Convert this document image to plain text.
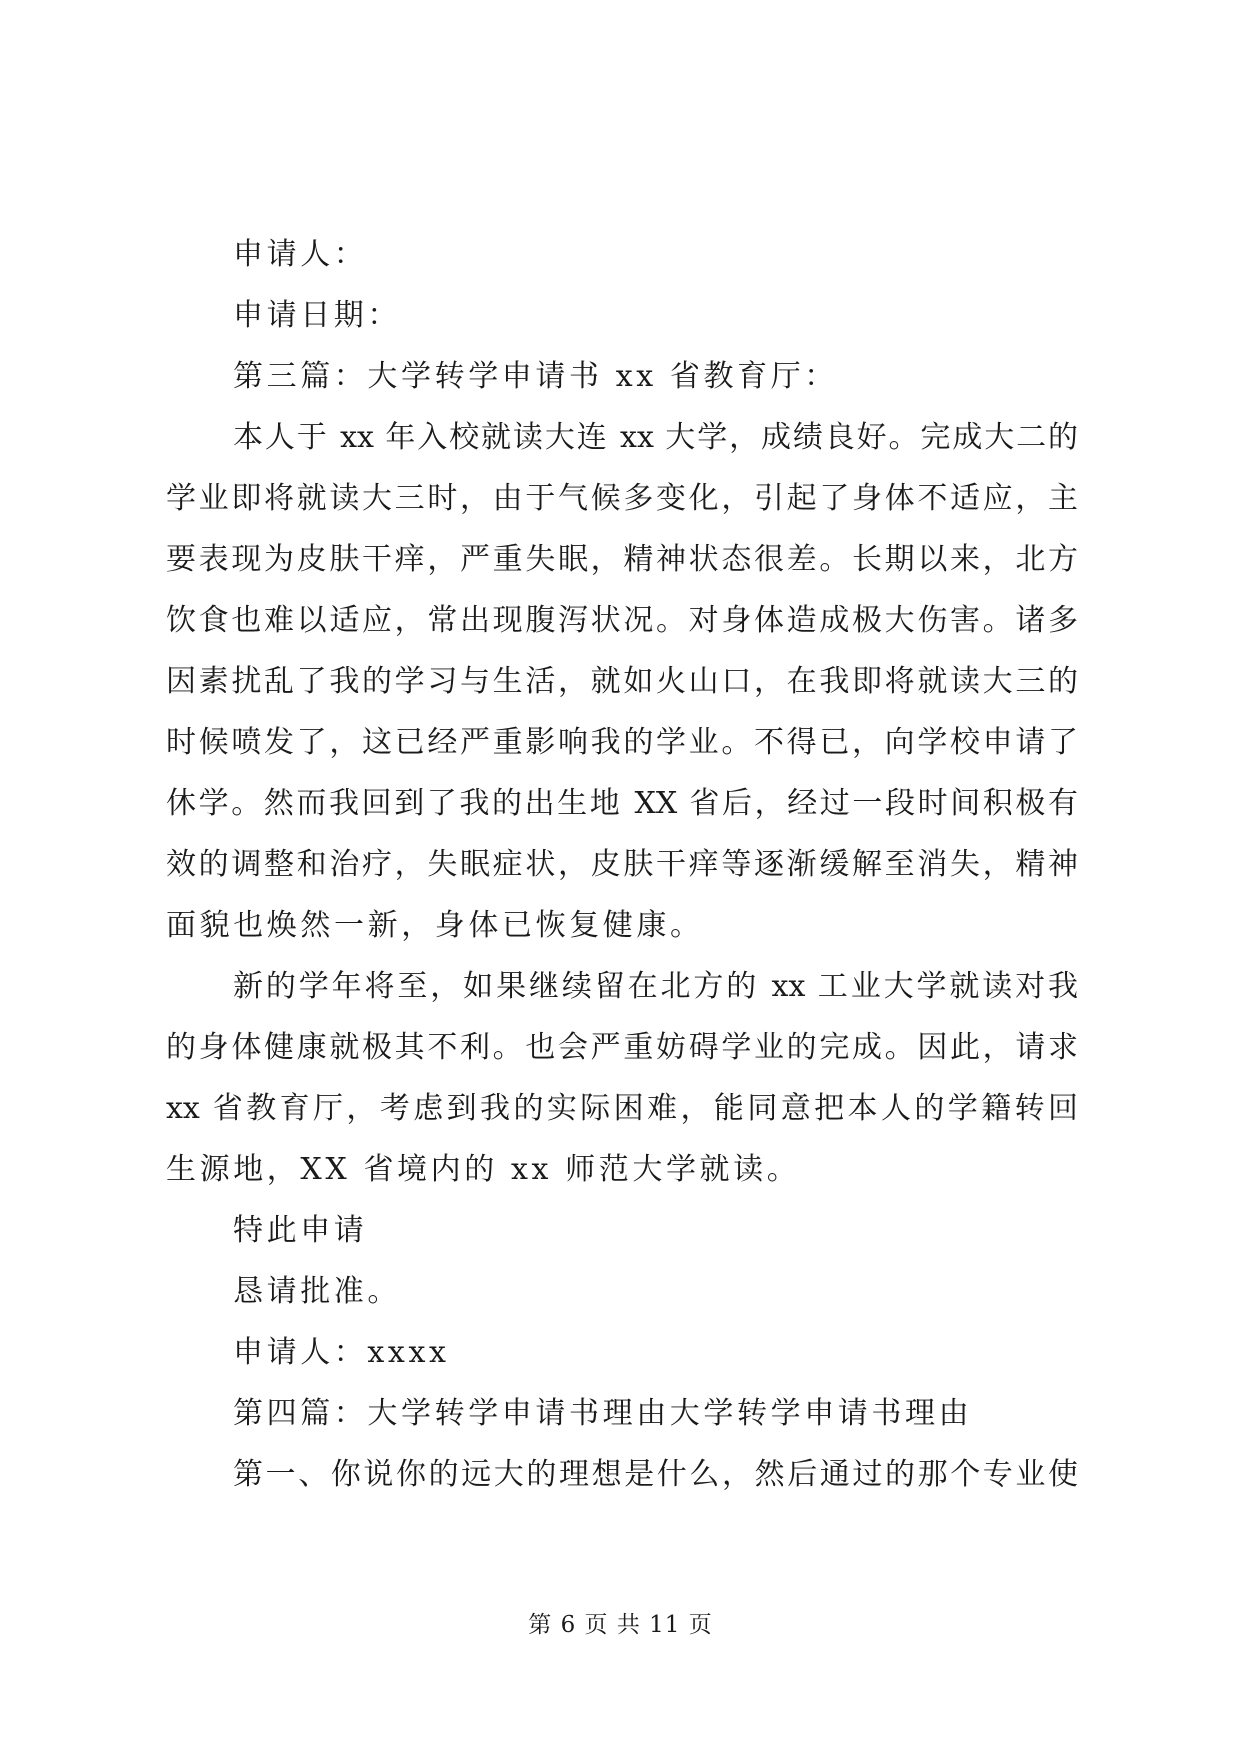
申请人：
申请日期：
第三篇：大学转学申请书 xx 省教育厅：
本人于 xx 年入校就读大连 xx 大学，成绩良好。完成大二的
学业即将就读大三时，由于气候多变化，引起了身体不适应，主
要表现为皮肤干痒，严重失眠，精神状态很差。长期以来，北方
饮食也难以适应，常出现腹泻状况。对身体造成极大伤害。诸多
因素扰乱了我的学习与生活，就如火山口，在我即将就读大三的
时候喷发了，这已经严重影响我的学业。不得已，向学校申请了
休学。然而我回到了我的出生地 XX 省后，经过一段时间积极有
效的调整和治疗，失眠症状，皮肤干痒等逐渐缓解至消失，精神
面貌也焕然一新，身体已恢复健康。
新的学年将至，如果继续留在北方的 xx 工业大学就读对我
的身体健康就极其不利。也会严重妨碍学业的完成。因此，请求
xx 省教育厅，考虑到我的实际困难，能同意把本人的学籍转回
生源地，XX 省境内的 xx 师范大学就读。
特此申请
恳请批准。
申请人：xxxx
第四篇：大学转学申请书理由大学转学申请书理由
第一、你说你的远大的理想是什么，然后通过的那个专业使
第 6 页 共 11 页
